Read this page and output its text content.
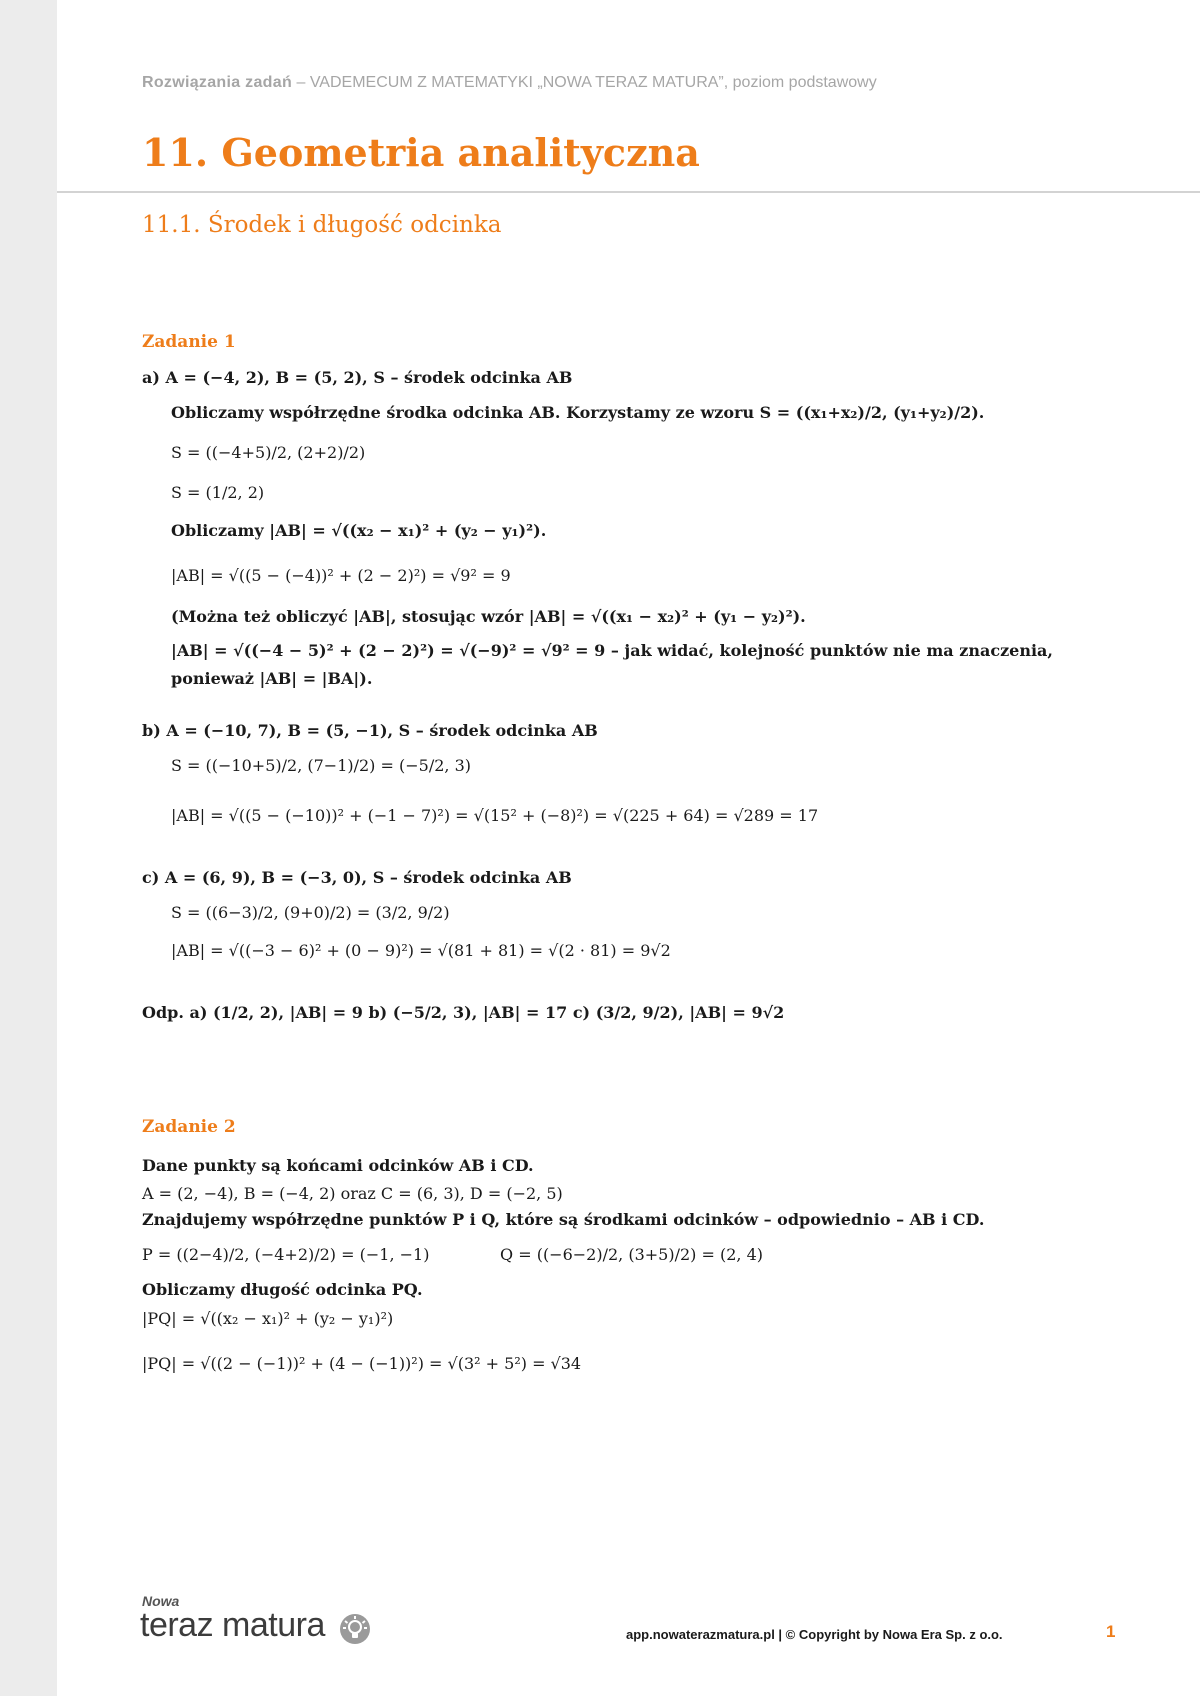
Rozwiązania zadań – VADEMECUM Z MATEMATYKI „NOWA TERAZ MATURA”, poziom podstawowy
11. Geometria analityczna
11.1. Środek i długość odcinka
Zadanie 1
a) A = (−4, 2), B = (5, 2), S – środek odcinka AB
Obliczamy współrzędne środka odcinka AB. Korzystamy ze wzoru S = ((x₁+x₂)/2, (y₁+y₂)/2).
S = ((−4+5)/2, (2+2)/2)
S = (1/2, 2)
Obliczamy |AB| = √((x₂ − x₁)² + (y₂ − y₁)²).
|AB| = √((5 − (−4))² + (2 − 2)²) = √9² = 9
(Można też obliczyć |AB|, stosując wzór |AB| = √((x₁ − x₂)² + (y₁ − y₂)²).
|AB| = √((−4 − 5)² + (2 − 2)²) = √(−9)² = √9² = 9 – jak widać, kolejność punktów nie ma znaczenia,
ponieważ |AB| = |BA|).
b) A = (−10, 7), B = (5, −1), S – środek odcinka AB
S = ((−10+5)/2, (7−1)/2) = (−5/2, 3)
|AB| = √((5 − (−10))² + (−1 − 7)²) = √(15² + (−8)²) = √(225 + 64) = √289 = 17
c) A = (6, 9), B = (−3, 0), S – środek odcinka AB
S = ((6−3)/2, (9+0)/2) = (3/2, 9/2)
|AB| = √((−3 − 6)² + (0 − 9)²) = √(81 + 81) = √(2 · 81) = 9√2
Odp. a) (1/2, 2), |AB| = 9 b) (−5/2, 3), |AB| = 17 c) (3/2, 9/2), |AB| = 9√2
Zadanie 2
Dane punkty są końcami odcinków AB i CD.
A = (2, −4), B = (−4, 2) oraz C = (6, 3), D = (−2, 5)
Znajdujemy współrzędne punktów P i Q, które są środkami odcinków – odpowiednio – AB i CD.
P = ((2−4)/2, (−4+2)/2) = (−1, −1)	Q = ((−6−2)/2, (3+5)/2) = (2, 4)
Obliczamy długość odcinka PQ.
|PQ| = √((x₂ − x₁)² + (y₂ − y₁)²)
|PQ| = √((2 − (−1))² + (4 − (−1))²) = √(3² + 5²) = √34
Nowa
teraz matura	app.nowaterazmatura.pl | © Copyright by Nowa Era Sp. z o.o.	1
